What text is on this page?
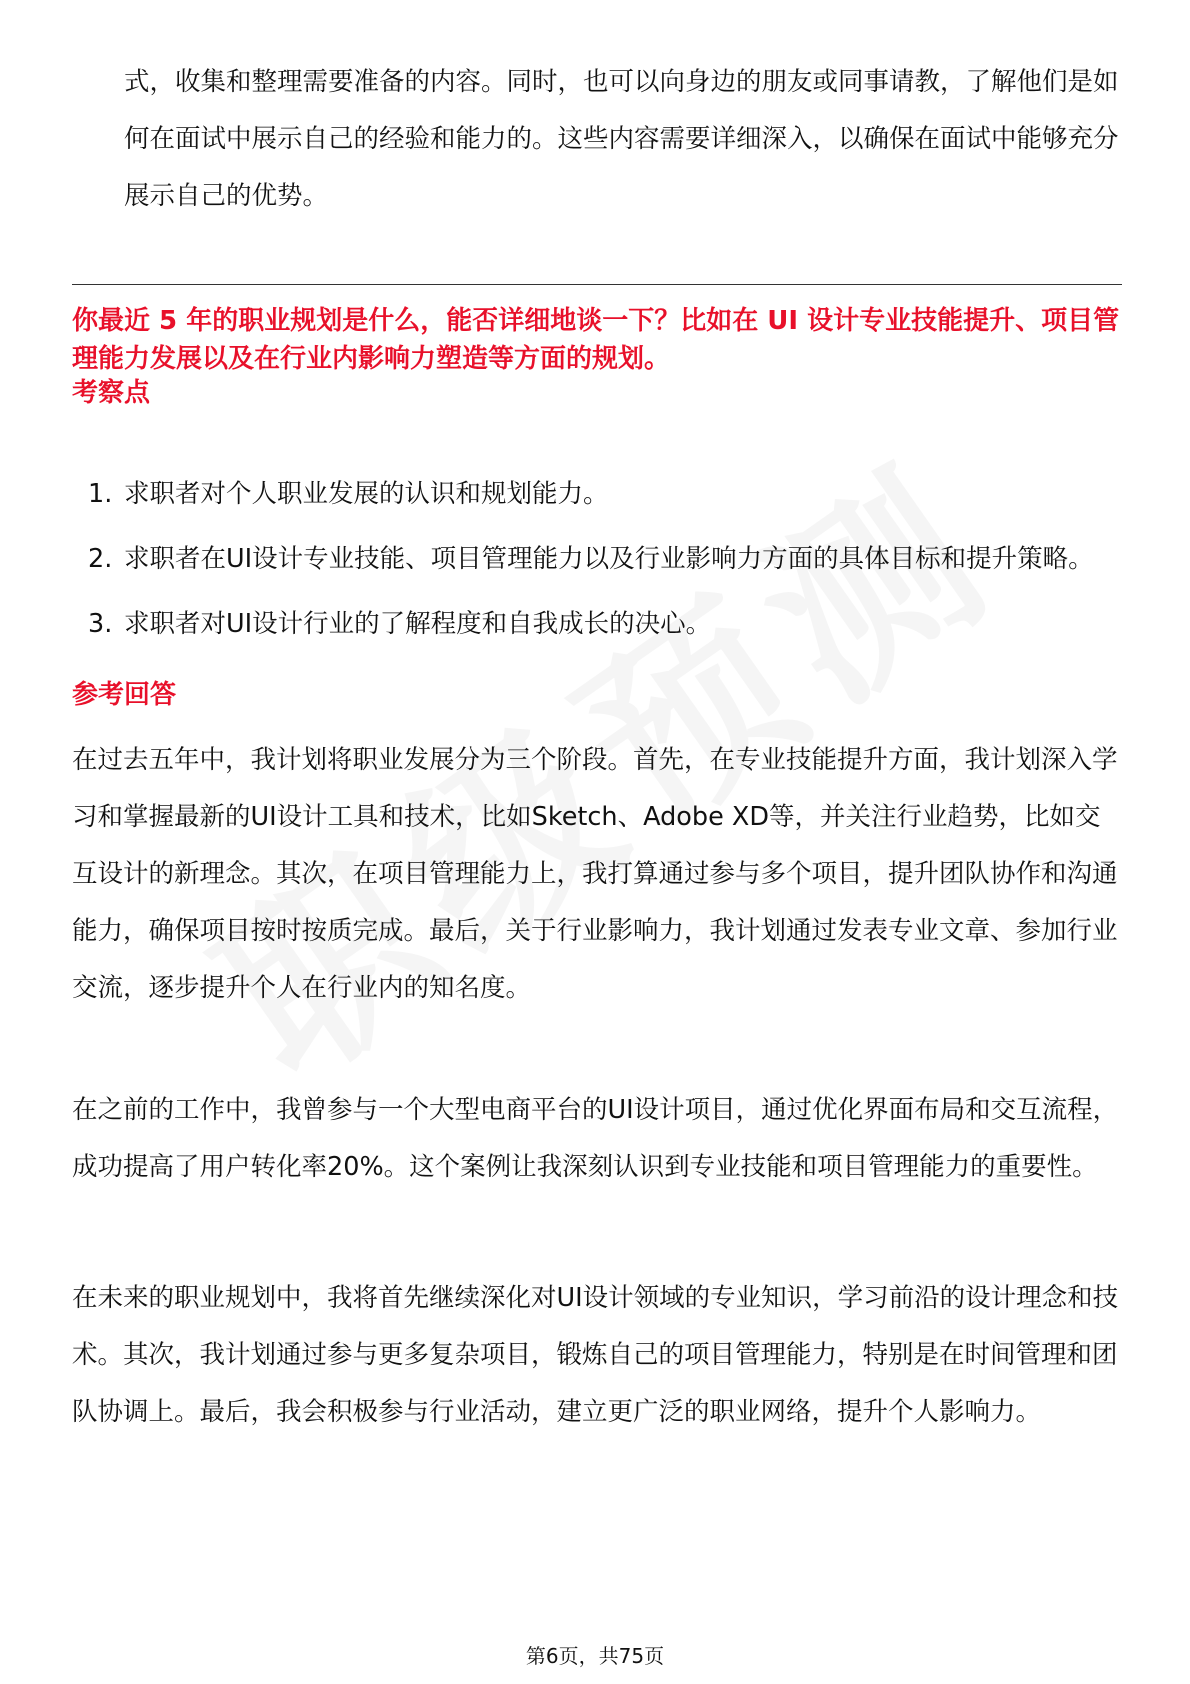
式，收集和整理需要准备的内容。同时，也可以向身边的朋友或同事请教，了解他们是如何在面试中展示自己的经验和能力的。这些内容需要详细深入，以确保在面试中能够充分展示自己的优势。

你最近 5 年的职业规划是什么，能否详细地谈一下？比如在 UI 设计专业技能提升、项目管理能力发展以及在行业内影响力塑造等方面的规划。

考察点
1. 求职者对个人职业发展的认识和规划能力。
2. 求职者在UI设计专业技能、项目管理能力以及行业影响力方面的具体目标和提升策略。
3. 求职者对UI设计行业的了解程度和自我成长的决心。
参考回答

在过去五年中，我计划将职业发展分为三个阶段。首先，在专业技能提升方面，我计划深入学习和掌握最新的UI设计工具和技术，比如Sketch、Adobe XD等，并关注行业趋势，比如交互设计的新理念。其次，在项目管理能力上，我打算通过参与多个项目，提升团队协作和沟通能力，确保项目按时按质完成。最后，关于行业影响力，我计划通过发表专业文章、参加行业交流，逐步提升个人在行业内的知名度。

在之前的工作中，我曾参与一个大型电商平台的UI设计项目，通过优化界面布局和交互流程，成功提高了用户转化率20%。这个案例让我深刻认识到专业技能和项目管理能力的重要性。

在未来的职业规划中，我将首先继续深化对UI设计领域的专业知识，学习前沿的设计理念和技术。其次，我计划通过参与更多复杂项目，锻炼自己的项目管理能力，特别是在时间管理和团队协调上。最后，我会积极参与行业活动，建立更广泛的职业网络，提升个人影响力。

第6页，共75页
